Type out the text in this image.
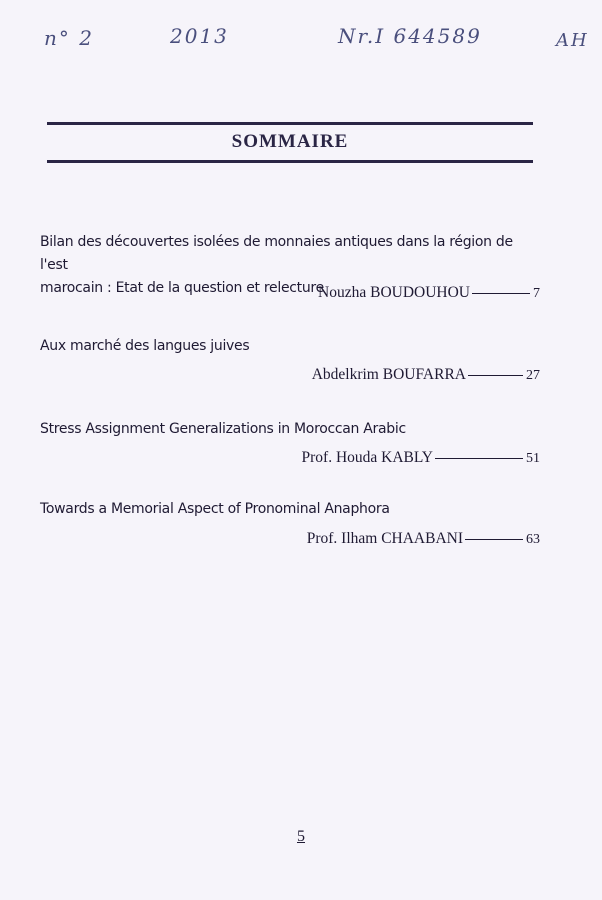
n° 2	2013	Nr.I 644589	AH
SOMMAIRE
Bilan des découvertes isolées de monnaies antiques dans la région de l'est
marocain : Etat de la question et relecture
Nouzha BOUDOUHOU	7
Aux marché des langues juives
Abdelkrim BOUFARRA	27
Stress Assignment Generalizations in Moroccan Arabic
Prof. Houda KABLY	51
Towards a Memorial Aspect of Pronominal Anaphora
Prof. Ilham CHAABANI	63
5
